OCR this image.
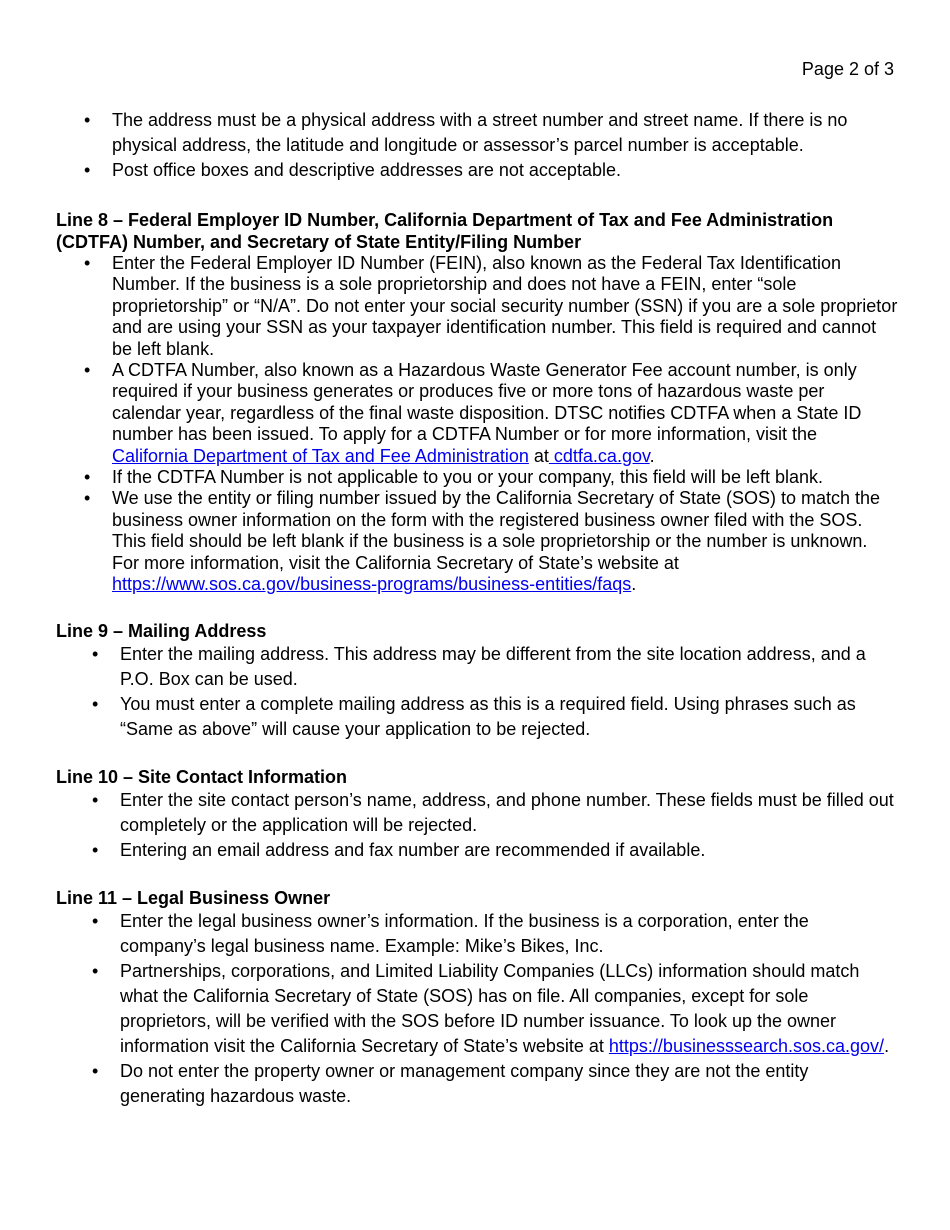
Page 2 of 3
• The address must be a physical address with a street number and street name. If there is no physical address, the latitude and longitude or assessor’s parcel number is acceptable.
• Post office boxes and descriptive addresses are not acceptable.
Line 8 – Federal Employer ID Number, California Department of Tax and Fee Administration (CDTFA) Number, and Secretary of State Entity/Filing Number
• Enter the Federal Employer ID Number (FEIN), also known as the Federal Tax Identification Number. If the business is a sole proprietorship and does not have a FEIN, enter “sole proprietorship” or “N/A”. Do not enter your social security number (SSN) if you are a sole proprietor and are using your SSN as your taxpayer identification number. This field is required and cannot be left blank.
• A CDTFA Number, also known as a Hazardous Waste Generator Fee account number, is only required if your business generates or produces five or more tons of hazardous waste per calendar year, regardless of the final waste disposition. DTSC notifies CDTFA when a State ID number has been issued. To apply for a CDTFA Number or for more information, visit the California Department of Tax and Fee Administration at cdtfa.ca.gov.
• If the CDTFA Number is not applicable to you or your company, this field will be left blank.
• We use the entity or filing number issued by the California Secretary of State (SOS) to match the business owner information on the form with the registered business owner filed with the SOS. This field should be left blank if the business is a sole proprietorship or the number is unknown. For more information, visit the California Secretary of State’s website at https://www.sos.ca.gov/business-programs/business-entities/faqs.
Line 9 – Mailing Address
• Enter the mailing address. This address may be different from the site location address, and a P.O. Box can be used.
• You must enter a complete mailing address as this is a required field. Using phrases such as “Same as above” will cause your application to be rejected.
Line 10 – Site Contact Information
• Enter the site contact person’s name, address, and phone number. These fields must be filled out completely or the application will be rejected.
• Entering an email address and fax number are recommended if available.
Line 11 – Legal Business Owner
• Enter the legal business owner’s information. If the business is a corporation, enter the company’s legal business name. Example: Mike’s Bikes, Inc.
• Partnerships, corporations, and Limited Liability Companies (LLCs) information should match what the California Secretary of State (SOS) has on file. All companies, except for sole proprietors, will be verified with the SOS before ID number issuance. To look up the owner information visit the California Secretary of State’s website at https://businesssearch.sos.ca.gov/.
• Do not enter the property owner or management company since they are not the entity generating hazardous waste.
